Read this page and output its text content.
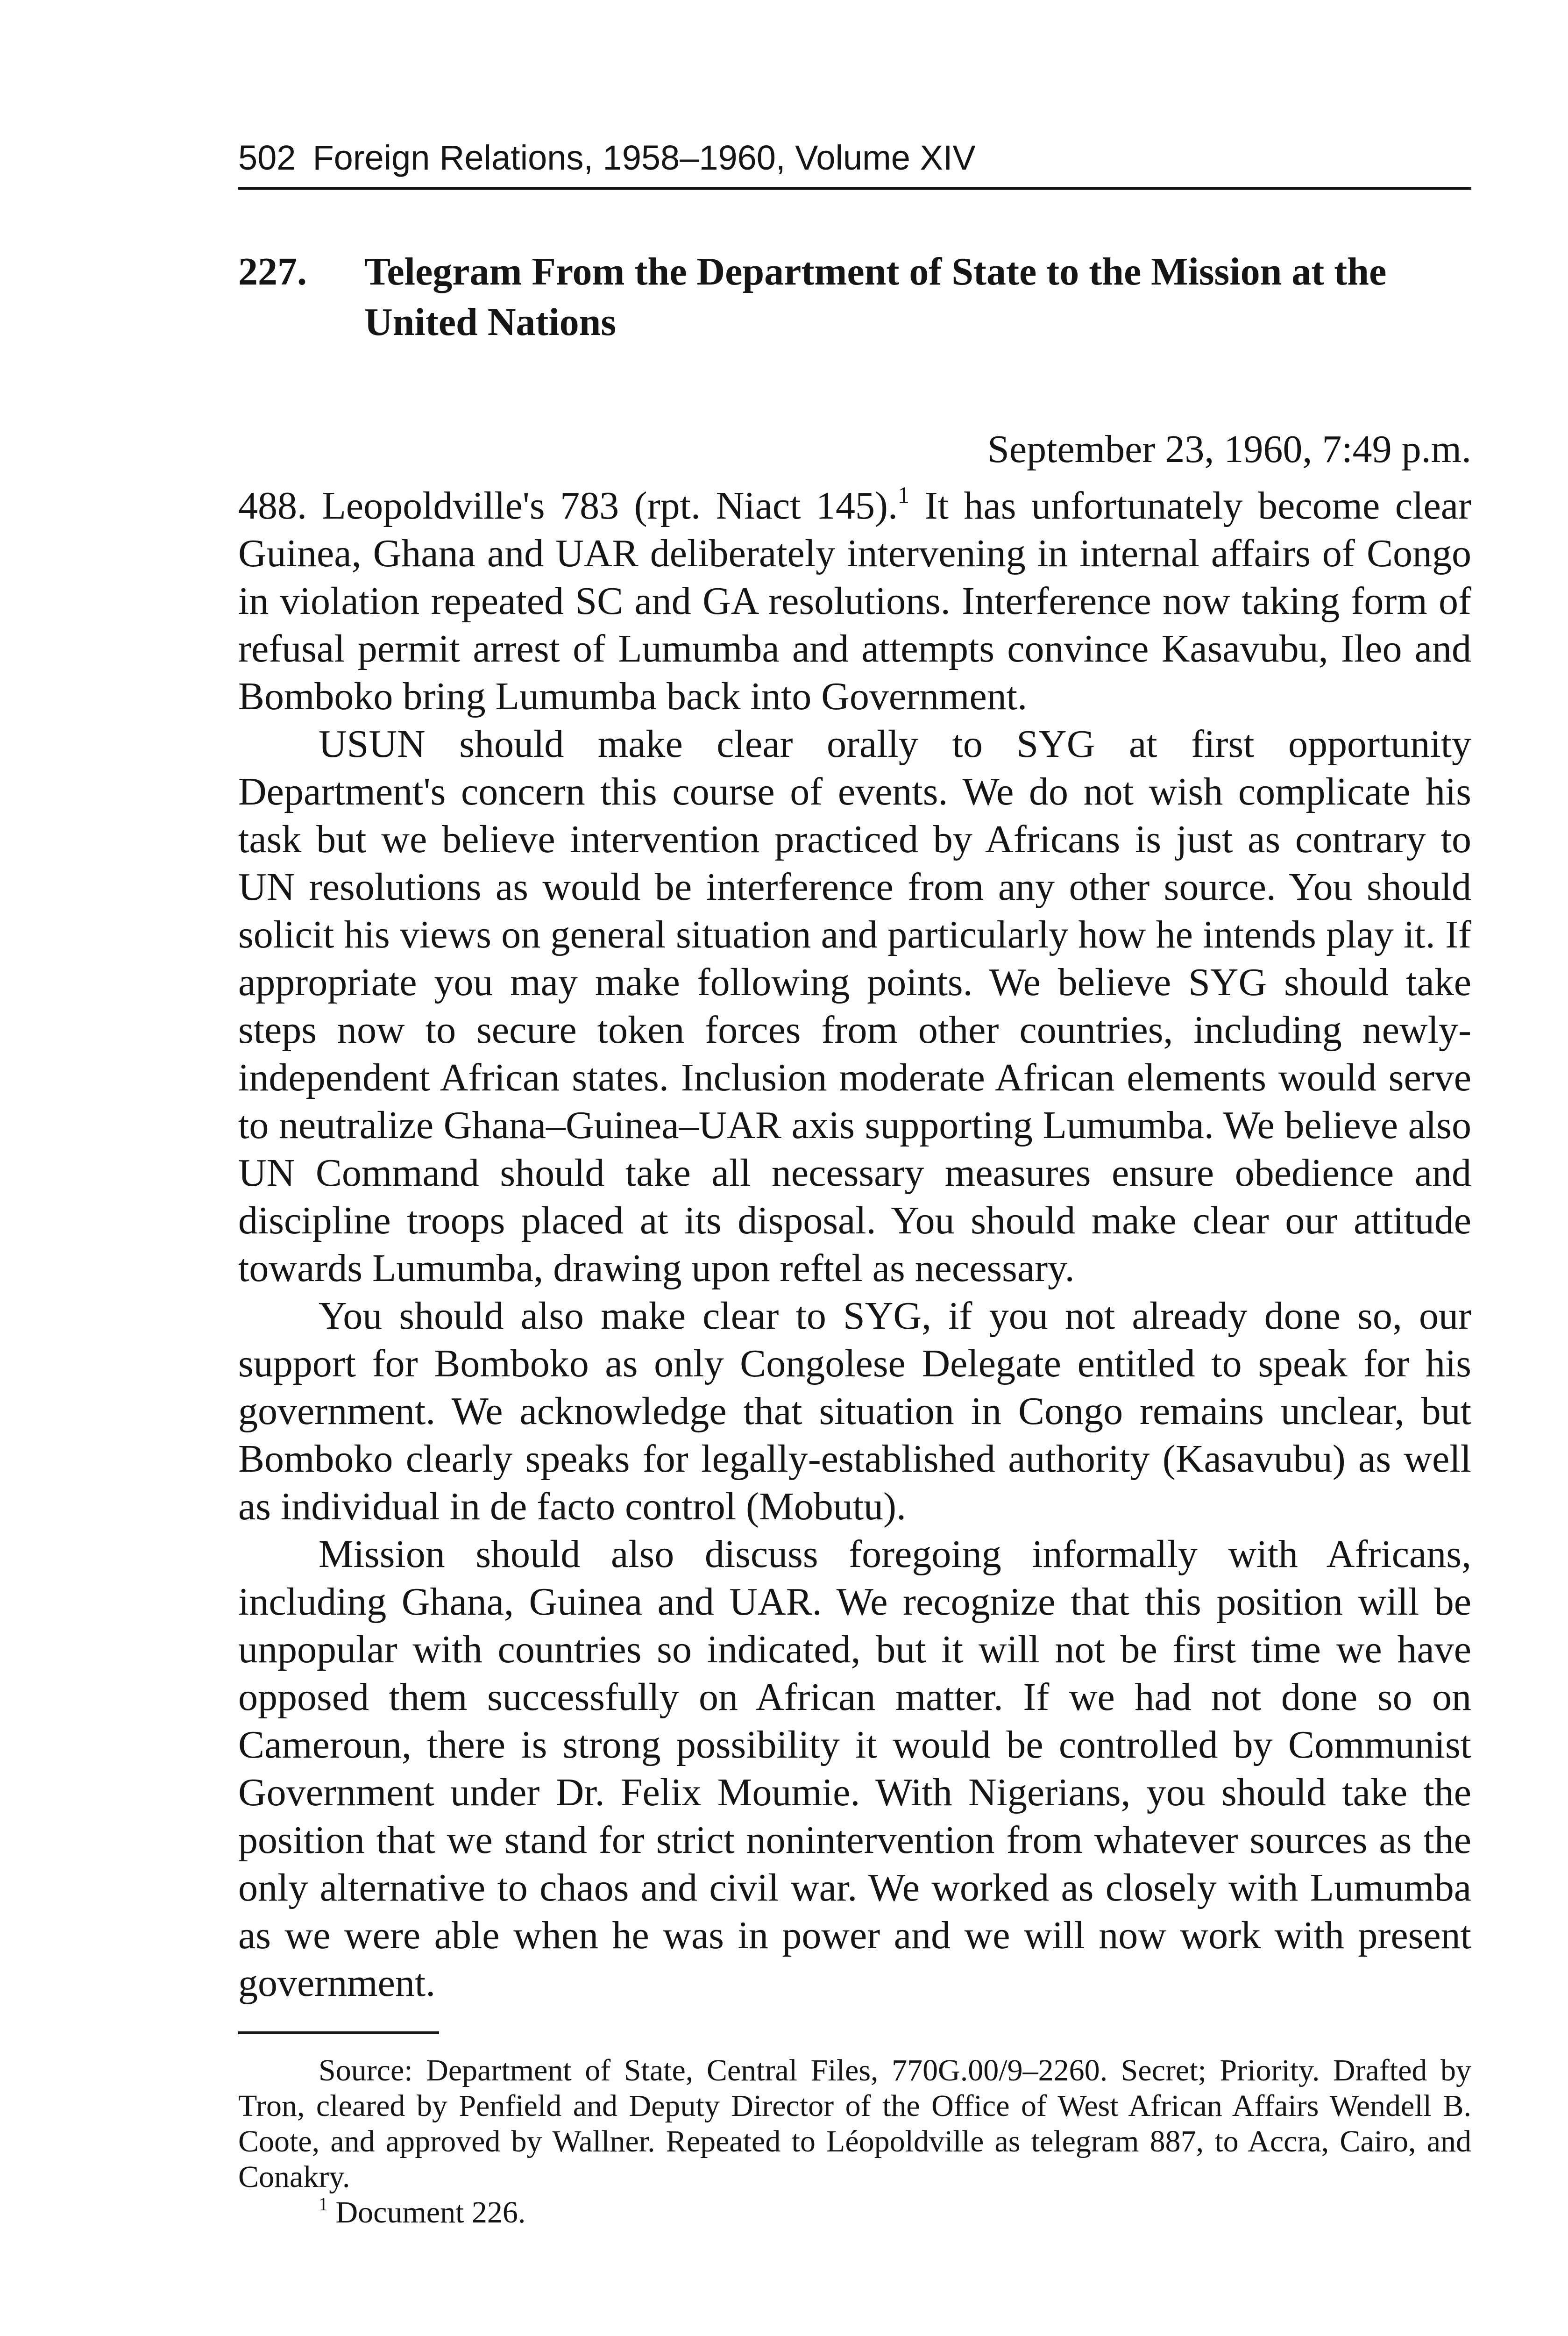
502 Foreign Relations, 1958–1960, Volume XIV
227.	Telegram From the Department of State to the Mission at the United Nations
September 23, 1960, 7:49 p.m.

488. Leopoldville's 783 (rpt. Niact 145).$^1$ It has unfortunately become clear Guinea, Ghana and UAR deliberately intervening in internal affairs of Congo in violation repeated SC and GA resolutions. Interference now taking form of refusal permit arrest of Lumumba and attempts convince Kasavubu, Ileo and Bomboko bring Lumumba back into Government.

USUN should make clear orally to SYG at first opportunity Department's concern this course of events. We do not wish complicate his task but we believe intervention practiced by Africans is just as contrary to UN resolutions as would be interference from any other source. You should solicit his views on general situation and particularly how he intends play it. If appropriate you may make following points. We believe SYG should take steps now to secure token forces from other countries, including newly-independent African states. Inclusion moderate African elements would serve to neutralize Ghana–Guinea–UAR axis supporting Lumumba. We believe also UN Command should take all necessary measures ensure obedience and discipline troops placed at its disposal. You should make clear our attitude towards Lumumba, drawing upon reftel as necessary.

You should also make clear to SYG, if you not already done so, our support for Bomboko as only Congolese Delegate entitled to speak for his government. We acknowledge that situation in Congo remains unclear, but Bomboko clearly speaks for legally-established authority (Kasavubu) as well as individual in de facto control (Mobutu).

Mission should also discuss foregoing informally with Africans, including Ghana, Guinea and UAR. We recognize that this position will be unpopular with countries so indicated, but it will not be first time we have opposed them successfully on African matter. If we had not done so on Cameroun, there is strong possibility it would be controlled by Communist Government under Dr. Felix Moumie. With Nigerians, you should take the position that we stand for strict nonintervention from whatever sources as the only alternative to chaos and civil war. We worked as closely with Lumumba as we were able when he was in power and we will now work with present government.

Source: Department of State, Central Files, 770G.00/9–2260. Secret; Priority. Drafted by Tron, cleared by Penfield and Deputy Director of the Office of West African Affairs Wendell B. Coote, and approved by Wallner. Repeated to Léopoldville as telegram 887, to Accra, Cairo, and Conakry.

$^1$ Document 226.
